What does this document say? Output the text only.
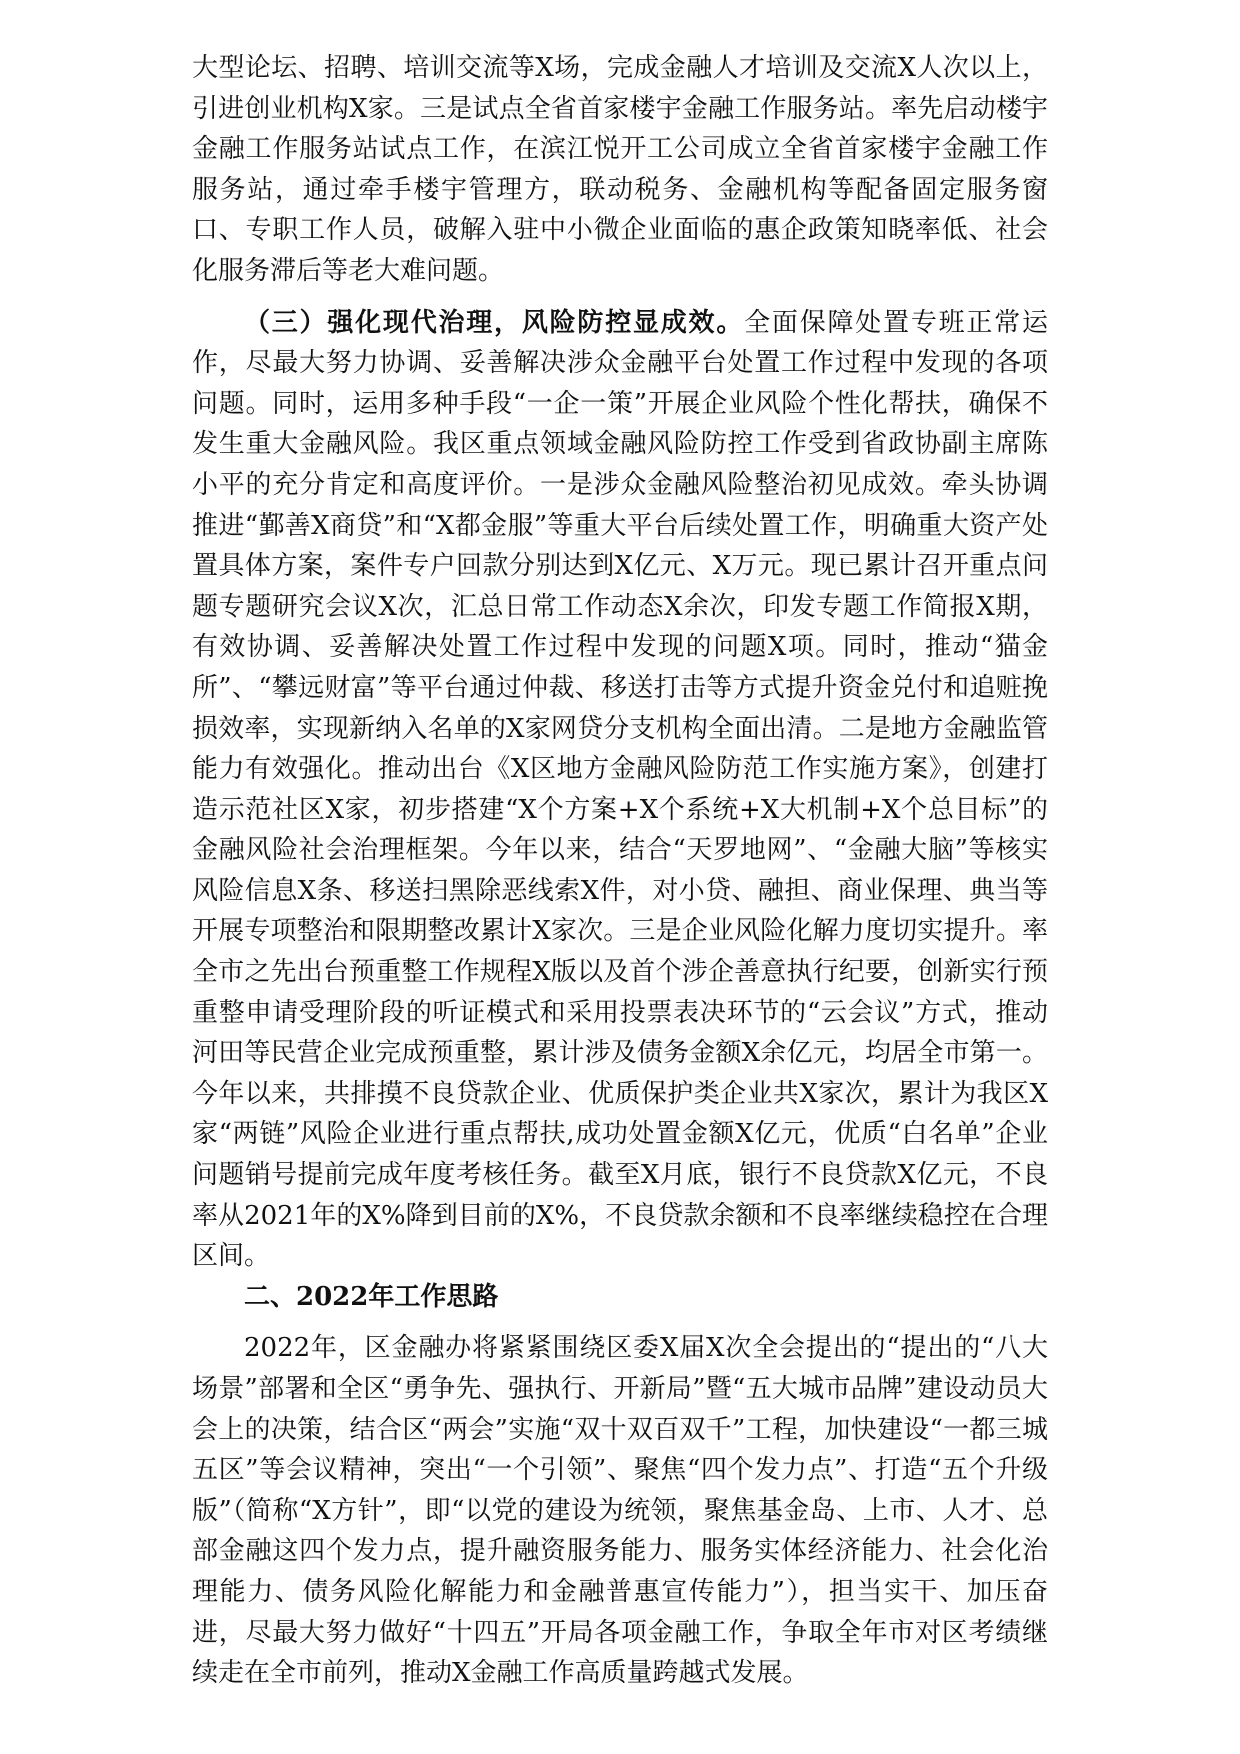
大型论坛、招聘、培训交流等X场，完成金融人才培训及交流X人次以上，引进创业机构X家。三是试点全省首家楼宇金融工作服务站。率先启动楼宇金融工作服务站试点工作，在滨江悦开工公司成立全省首家楼宇金融工作服务站，通过牵手楼宇管理方，联动税务、金融机构等配备固定服务窗口、专职工作人员，破解入驻中小微企业面临的惠企政策知晓率低、社会化服务滞后等老大难问题。

（三）强化现代治理，风险防控显成效。全面保障处置专班正常运作，尽最大努力协调、妥善解决涉众金融平台处置工作过程中发现的各项问题。同时，运用多种手段“一企一策”开展企业风险个性化帮扶，确保不发生重大金融风险。我区重点领域金融风险防控工作受到省政协副主席陈小平的充分肯定和高度评价。一是涉众金融风险整治初见成效。牵头协调推进“鄞善X商贷”和“X都金服”等重大平台后续处置工作，明确重大资产处置具体方案，案件专户回款分别达到X亿元、X万元。现已累计召开重点问题专题研究会议X次，汇总日常工作动态X余次，印发专题工作简报X期，有效协调、妥善解决处置工作过程中发现的问题X项。同时，推动“猫金所”、“攀远财富”等平台通过仲裁、移送打击等方式提升资金兑付和追赃挽损效率，实现新纳入名单的X家网贷分支机构全面出清。二是地方金融监管能力有效强化。推动出台《X区地方金融风险防范工作实施方案》，创建打造示范社区X家，初步搭建“X个方案+X个系统+X大机制+X个总目标”的金融风险社会治理框架。今年以来，结合“天罗地网”、“金融大脑”等核实风险信息X条、移送扫黑除恶线索X件，对小贷、融担、商业保理、典当等开展专项整治和限期整改累计X家次。三是企业风险化解力度切实提升。率全市之先出台预重整工作规程X版以及首个涉企善意执行纪要，创新实行预重整申请受理阶段的听证模式和采用投票表决环节的“云会议”方式，推动河田等民营企业完成预重整，累计涉及债务金额X余亿元，均居全市第一。今年以来，共排摸不良贷款企业、优质保护类企业共X家次，累计为我区X家“两链”风险企业进行重点帮扶,成功处置金额X亿元，优质“白名单”企业问题销号提前完成年度考核任务。截至X月底，银行不良贷款X亿元，不良率从2021年的X%降到目前的X%，不良贷款余额和不良率继续稳控在合理区间。

二、2022年工作思路

2022年，区金融办将紧紧围绕区委X届X次全会提出的“提出的“八大场景”部署和全区“勇争先、强执行、开新局”暨“五大城市品牌”建设动员大会上的决策，结合区“两会”实施“双十双百双千”工程，加快建设“一都三城五区”等会议精神，突出“一个引领”、聚焦“四个发力点”、打造“五个升级版”（简称“X方针”，即“以党的建设为统领，聚焦基金岛、上市、人才、总部金融这四个发力点，提升融资服务能力、服务实体经济能力、社会化治理能力、债务风险化解能力和金融普惠宣传能力”），担当实干、加压奋进，尽最大努力做好“十四五”开局各项金融工作，争取全年市对区考绩继续走在全市前列，推动X金融工作高质量跨越式发展。
